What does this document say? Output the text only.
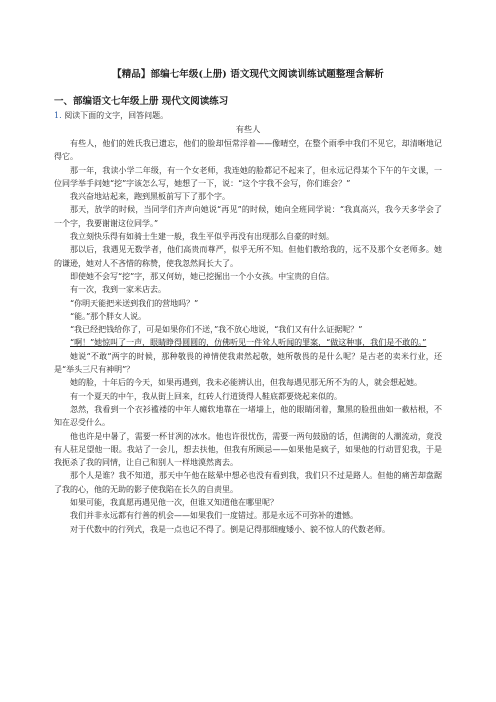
【精品】部编七年级(上册) 语文现代文阅读训练试题整理含解析
一、部编语文七年级上册 现代文阅读练习
1. 阅读下面的文字，回答问题。
有些人

有些人，他们的姓氏我已遗忘，他们的脸却恒常浮着——像晴空，在整个雨季中我们不见它，却清晰地记得它。

那一年，我读小学二年级，有一个女老师，我连她的脸都记不起来了，但永远记得某个下午的午文课，一位同学举手问她“挖”字该怎么写，她想了一下，说：“这个字我不会写，你们谁会？”

我兴奋地站起来，跑到黑板前写下了那个字。

那天，放学的时候，当同学们齐声向她说“再见”的时候，她向全班同学说：“我真高兴，我今天多学会了一个字，我要谢谢这位同学。”

我立刻快乐得有如骑士生建一般，我生平似乎再没有出现那么自豪的时刻。

那以后，我遇见无数学者，他们高贵而尊严，似乎无所不知。但他们教给我的，远不及那个女老师多。她的谦逊，她对人不吝惜的称赞，使我忽然间长大了。

即使她不会写“挖”字，那又何妨，她已挖掘出一个小女孩。中宝贵的自信。

有一次，我到一家米店去。

“你明天能把米送到我们的营地吗？”

“能。”那个胖女人说。

“我已经把钱给你了，可是如果你们不送，”我不放心地说，“我们又有什么证据呢？”

“啊！”她惊叫了一声，眼睛睁得圆圆的，仿佛听见一件耸人听闻的罪案，“做这种事，我们是不敢的。”

她说“不敢”两字的时候，那种敬畏的神情使我肃然起敬，她所敬畏的是什么呢？是古老的卖米行业，还是“举头三尺有神明”？

她的脸，十年后的今天，如果再遇到，我未必能辨认出，但我每遇见那无所不为的人，就会想起她。

有一个夏天的中午，我从街上回来，红砖人行道烫得人鞋底都要烧起来似的。

忽然，我看到一个衣衫褴褛的中年人瘫软地靠在一堵墙上，他的眼睛闭着，黧黑的脸扭曲如一截枯根，不知在忍受什么。

他也许是中暑了，需要一杯甘冽的冰水。他也许很忧伤，需要一两句鼓励的话，但满街的人潮流动，竟没有人驻足望他一眼。我站了一会儿，想去扶他，但我有所顾忌——如果他是疯子，如果他的行动冒犯我，于是我扼杀了我的同情，让自己和别人一样地漠然离去。

那个人是谁？我不知道，那天中午他在眩晕中想必也没有看到我，我们只不过是路人。但他的痛苦却盘踞了我的心，他的无助的影子使我陷在长久的自责里。

如果可能，我真愿再遇见他一次，但谁又知道他在哪里呢？

我们并非永远都有行善的机会——如果我们一度错过。那是永远不可弥补的遗憾。

对于代数中的行列式，我是一点也记不得了。倒是记得那细瘦矮小、貌不惊人的代数老师。
